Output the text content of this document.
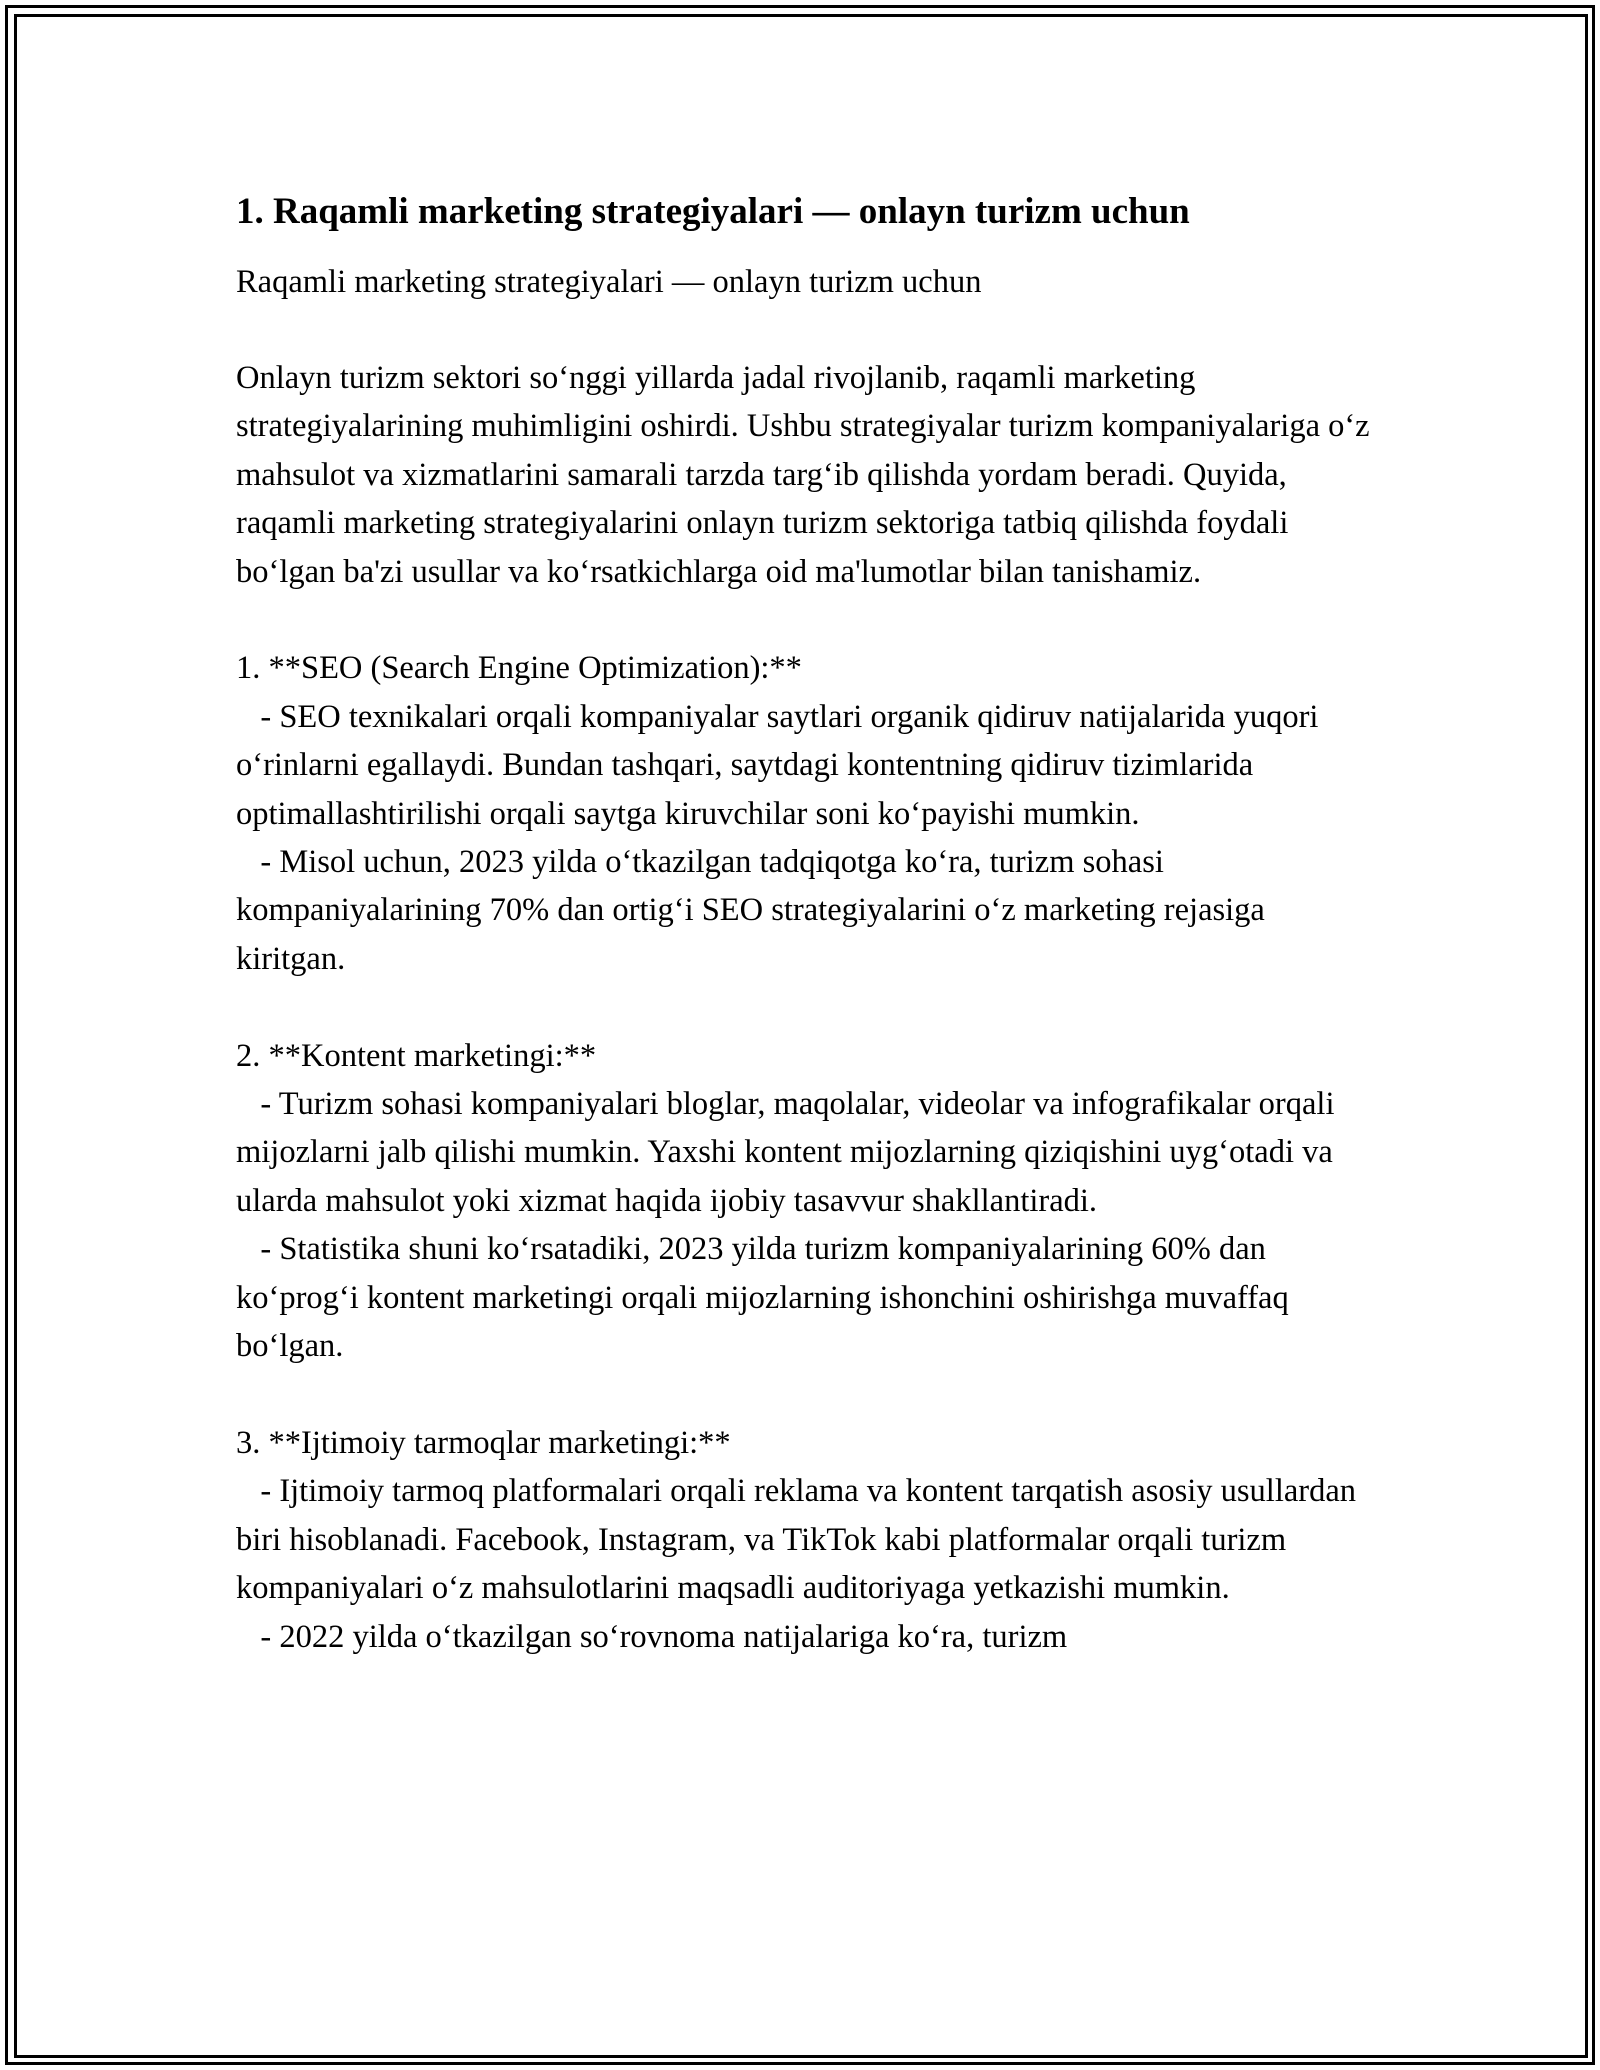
1. Raqamli marketing strategiyalari — onlayn turizm uchun

Raqamli marketing strategiyalari — onlayn turizm uchun

Onlayn turizm sektori so‘nggi yillarda jadal rivojlanib, raqamli marketing strategiyalarining muhimligini oshirdi. Ushbu strategiyalar turizm kompaniyalariga o‘z mahsulot va xizmatlarini samarali tarzda targ‘ib qilishda yordam beradi. Quyida, raqamli marketing strategiyalarini onlayn turizm sektoriga tatbiq qilishda foydali bo‘lgan ba'zi usullar va ko‘rsatkichlarga oid ma'lumotlar bilan tanishamiz.

1. **SEO (Search Engine Optimization):**

- SEO texnikalari orqali kompaniyalar saytlari organik qidiruv natijalarida yuqori o‘rinlarni egallaydi. Bundan tashqari, saytdagi kontentning qidiruv tizimlarida optimallashtirilishi orqali saytga kiruvchilar soni ko‘payishi mumkin.

- Misol uchun, 2023 yilda o‘tkazilgan tadqiqotga ko‘ra, turizm sohasi kompaniyalarining 70% dan ortig‘i SEO strategiyalarini o‘z marketing rejasiga kiritgan.

2. **Kontent marketingi:**

- Turizm sohasi kompaniyalari bloglar, maqolalar, videolar va infografikalar orqali mijozlarni jalb qilishi mumkin. Yaxshi kontent mijozlarning qiziqishini uyg‘otadi va ularda mahsulot yoki xizmat haqida ijobiy tasavvur shakllantiradi.

- Statistika shuni ko‘rsatadiki, 2023 yilda turizm kompaniyalarining 60% dan ko‘prog‘i kontent marketingi orqali mijozlarning ishonchini oshirishga muvaffaq bo‘lgan.

3. **Ijtimoiy tarmoqlar marketingi:**

- Ijtimoiy tarmoq platformalari orqali reklama va kontent tarqatish asosiy usullardan biri hisoblanadi. Facebook, Instagram, va TikTok kabi platformalar orqali turizm kompaniyalari o‘z mahsulotlarini maqsadli auditoriyaga yetkazishi mumkin.

- 2022 yilda o‘tkazilgan so‘rovnoma natijalariga ko‘ra, turizm
